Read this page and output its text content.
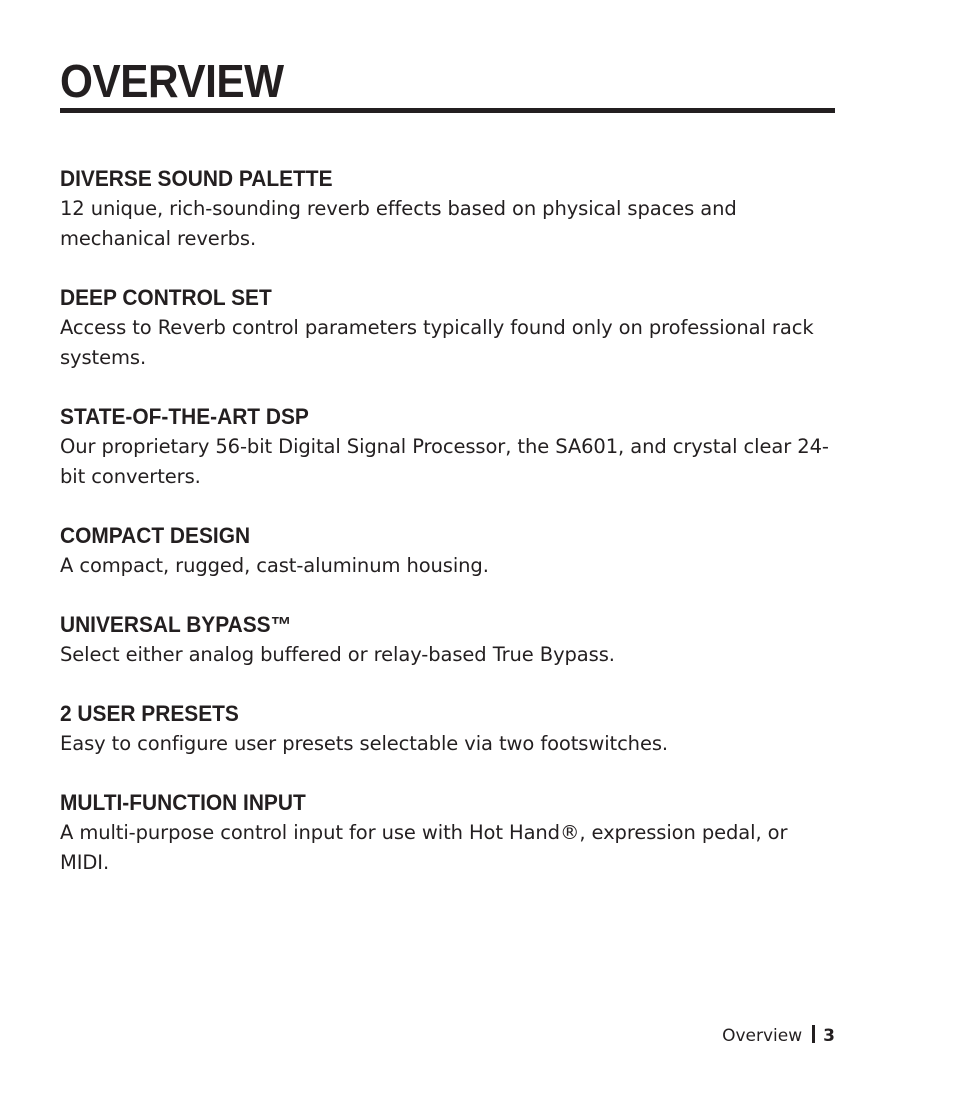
OVERVIEW
DIVERSE SOUND PALETTE

12 unique, rich-sounding reverb effects based on physical spaces and mechanical reverbs.

DEEP CONTROL SET

Access to Reverb control parameters typically found only on professional rack systems.

STATE-OF-THE-ART DSP

Our proprietary 56-bit Digital Signal Processor, the SA601, and crystal clear 24-bit converters.

COMPACT DESIGN

A compact, rugged, cast-aluminum housing.

UNIVERSAL BYPASS™

Select either analog buffered or relay-based True Bypass.

2 USER PRESETS

Easy to configure user presets selectable via two footswitches.

MULTI-FUNCTION INPUT

A multi-purpose control input for use with Hot Hand®, expression pedal, or MIDI.

Overview 3
